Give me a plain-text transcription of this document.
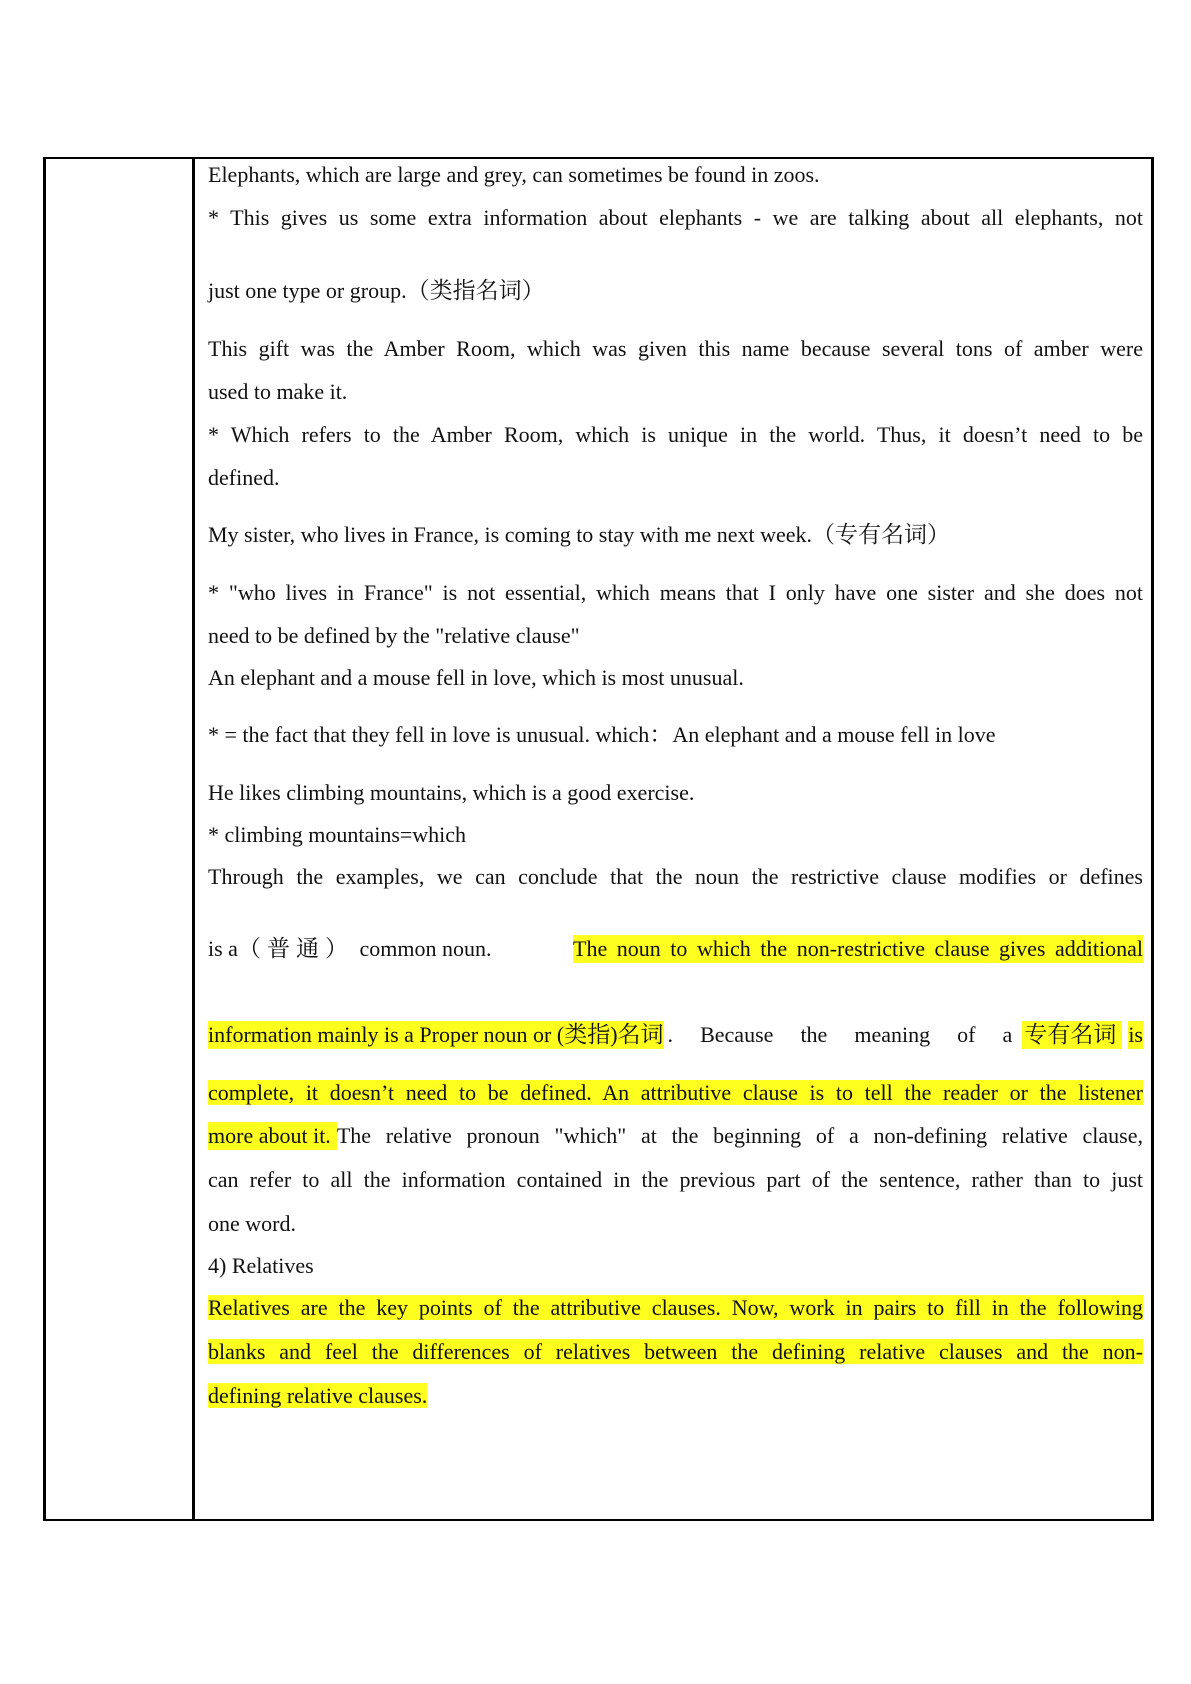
Elephants, which are large and grey, can sometimes be found in zoos.
* This gives us some extra information about elephants - we are talking about all elephants, not
just one type or group.（类指名词）
This gift was the Amber Room, which was given this name because several tons of amber were
used to make it.
* Which refers to the Amber Room, which is unique in the world. Thus, it doesn’t need to be
defined.
My sister, who lives in France, is coming to stay with me next week.（专有名词）
* "who lives in France" is not essential, which means that I only have one sister and she does not
need to be defined by the "relative clause"
An elephant and a mouse fell in love, which is most unusual.
* = the fact that they fell in love is unusual. which：An elephant and a mouse fell in love
He likes climbing mountains, which is a good exercise.
* climbing mountains=which
Through the examples, we can conclude that the noun the restrictive clause modifies or defines
is a（普通） common noun.	The noun to which the non-restrictive clause gives additional
information mainly is a Proper noun or (类指)名词 . Because the meaning of a 专有名词 is
complete, it doesn’t need to be defined. An attributive clause is to tell the reader or the listener
more about it. The relative pronoun "which" at the beginning of a non-defining relative clause,
can refer to all the information contained in the previous part of the sentence, rather than to just
one word.
4) Relatives
Relatives are the key points of the attributive clauses. Now, work in pairs to fill in the following
blanks and feel the differences of relatives between the defining relative clauses and the non-
defining relative clauses.
